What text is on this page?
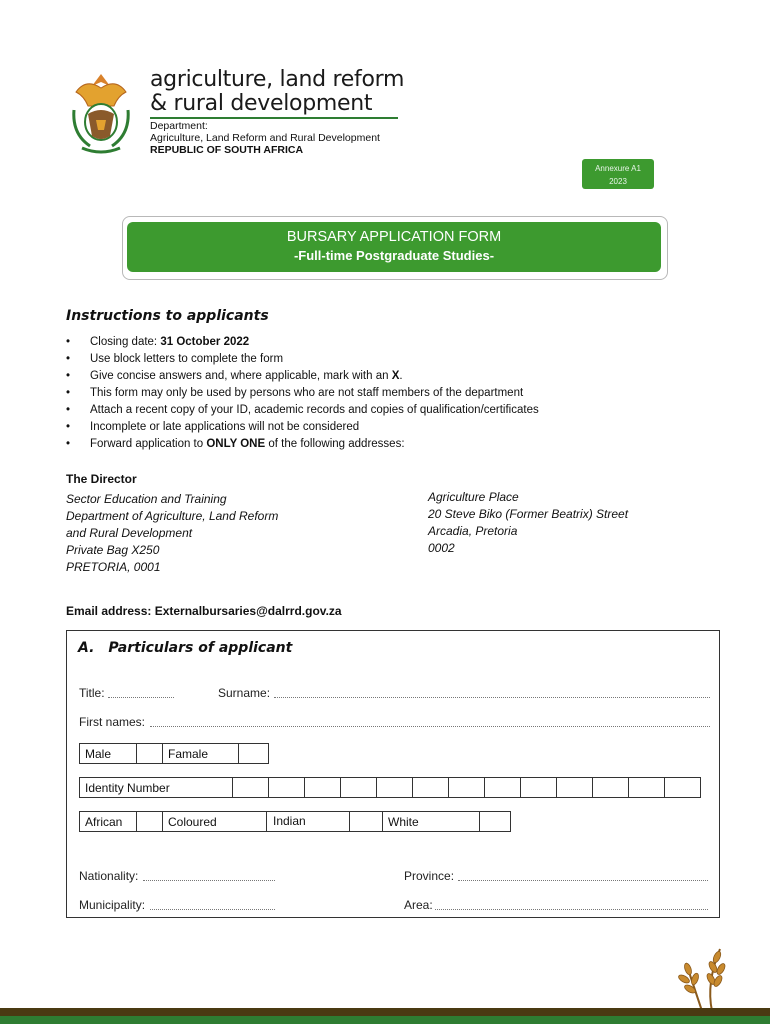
agriculture, land reform
& rural development
Department:
Agriculture, Land Reform and Rural Development
REPUBLIC OF SOUTH AFRICA
Annexure A1
2023
BURSARY APPLICATION FORM
-Full-time Postgraduate Studies-
Instructions to applicants
• Closing date: 31 October 2022
• Use block letters to complete the form
• Give concise answers and, where applicable, mark with an X.
• This form may only be used by persons who are not staff members of the department
• Attach a recent copy of your ID, academic records and copies of qualification/certificates
• Incomplete or late applications will not be considered
• Forward application to ONLY ONE of the following addresses:
The Director
Sector Education and Training
Department of Agriculture, Land Reform
and Rural Development
Private Bag X250
PRETORIA, 0001
Agriculture Place
20 Steve Biko (Former Beatrix) Street
Arcadia, Pretoria
0002
Email address: Externalbursaries@dalrrd.gov.za
A. Particulars of applicant
Title:	Surname:
First names:
Male	Famale
Identity Number
African	Coloured	Indian	White
Nationality:	Province:
Municipality:	Area:
